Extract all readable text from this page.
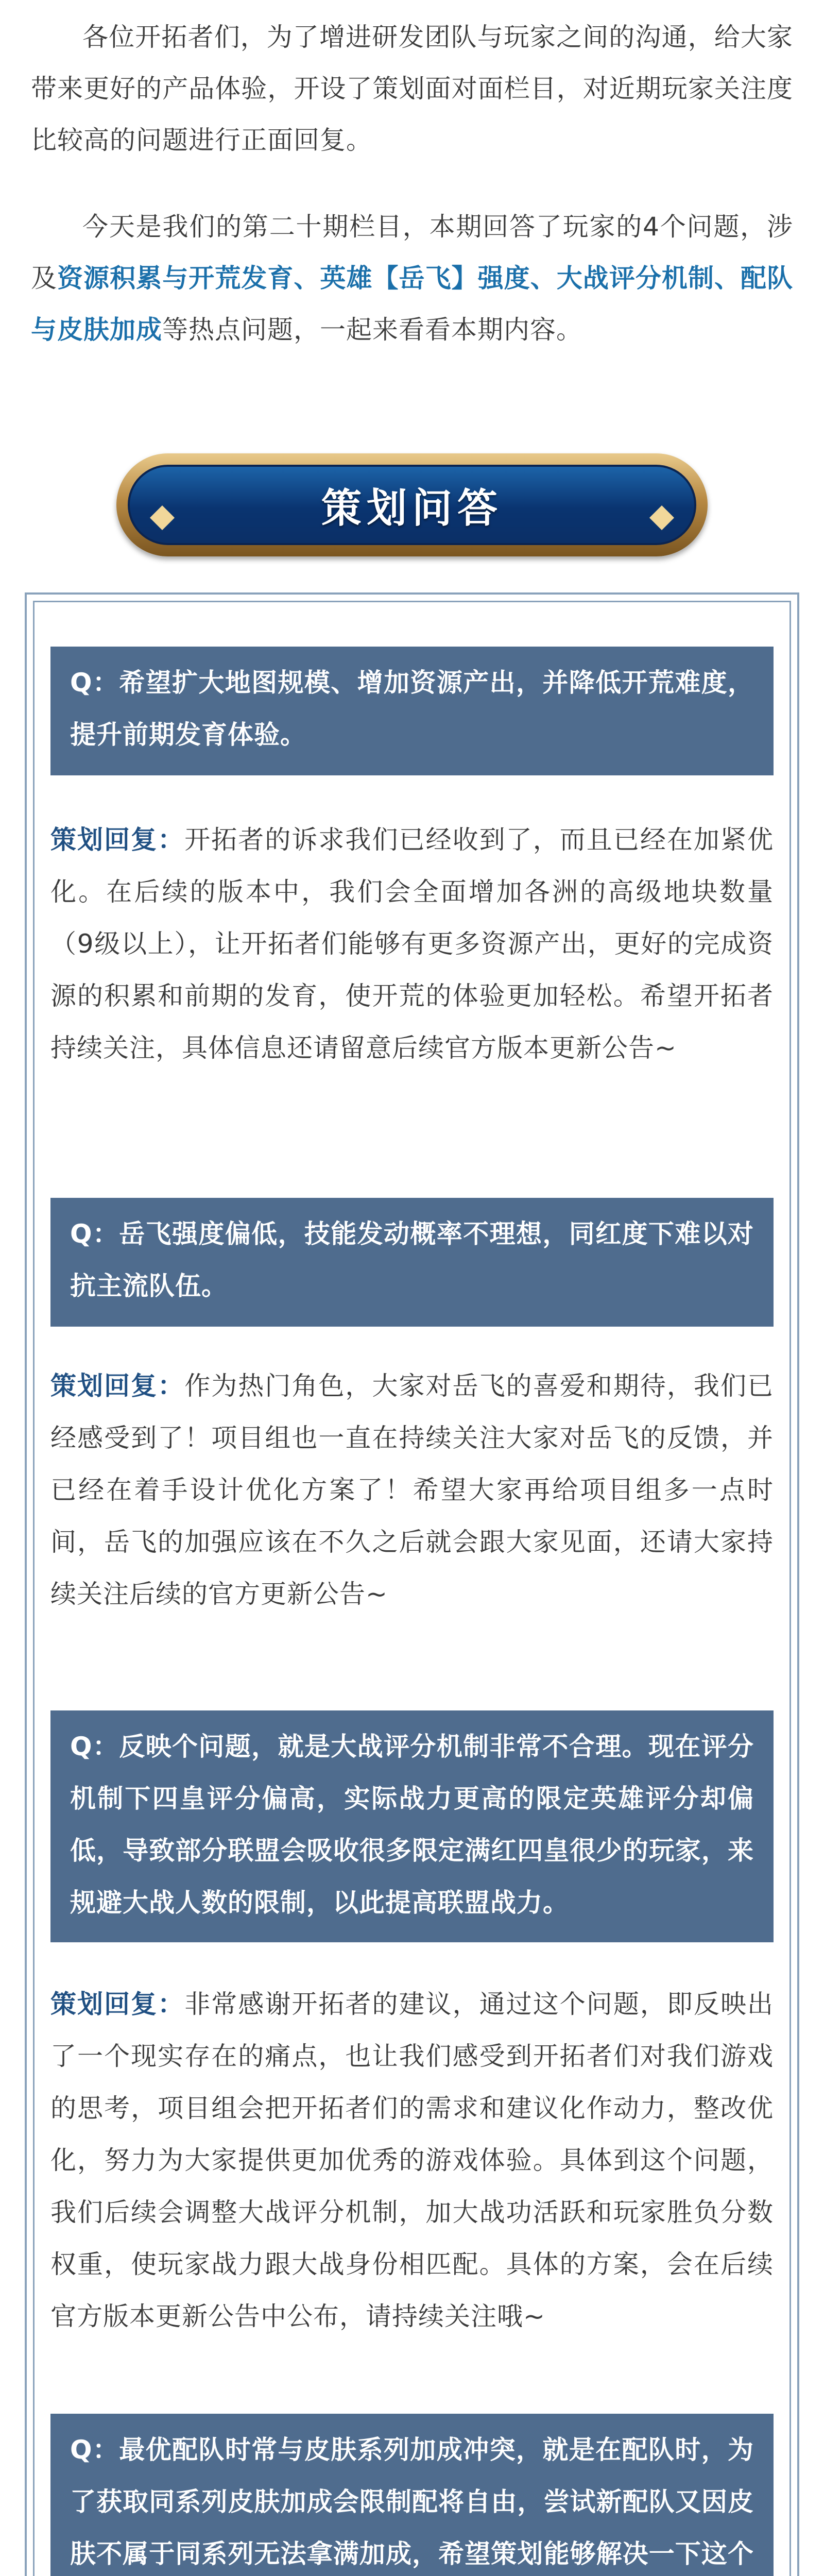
各位开拓者们，为了增进研发团队与玩家之间的沟通，给大家带来更好的产品体验，开设了策划面对面栏目，对近期玩家关注度比较高的问题进行正面回复。

今天是我们的第二十期栏目，本期回答了玩家的4个问题，涉及资源积累与开荒发育、英雄【岳飞】强度、大战评分机制、配队与皮肤加成等热点问题，一起来看看本期内容。

策划问答
Q：希望扩大地图规模、增加资源产出，并降低开荒难度，提升前期发育体验。
策划回复：开拓者的诉求我们已经收到了，而且已经在加紧优化。在后续的版本中，我们会全面增加各洲的高级地块数量（9级以上），让开拓者们能够有更多资源产出，更好的完成资源的积累和前期的发育，使开荒的体验更加轻松。希望开拓者持续关注，具体信息还请留意后续官方版本更新公告~
Q：岳飞强度偏低，技能发动概率不理想，同红度下难以对抗主流队伍。
策划回复：作为热门角色，大家对岳飞的喜爱和期待，我们已经感受到了！项目组也一直在持续关注大家对岳飞的反馈，并已经在着手设计优化方案了！希望大家再给项目组多一点时间，岳飞的加强应该在不久之后就会跟大家见面，还请大家持续关注后续的官方更新公告~
Q：反映个问题，就是大战评分机制非常不合理。现在评分机制下四皇评分偏高，实际战力更高的限定英雄评分却偏低，导致部分联盟会吸收很多限定满红四皇很少的玩家，来规避大战人数的限制，以此提高联盟战力。
策划回复：非常感谢开拓者的建议，通过这个问题，即反映出了一个现实存在的痛点，也让我们感受到开拓者们对我们游戏的思考，项目组会把开拓者们的需求和建议化作动力，整改优化，努力为大家提供更加优秀的游戏体验。具体到这个问题，我们后续会调整大战评分机制，加大战功活跃和玩家胜负分数权重，使玩家战力跟大战身份相匹配。具体的方案，会在后续官方版本更新公告中公布，请持续关注哦~
Q：最优配队时常与皮肤系列加成冲突，就是在配队时，为了获取同系列皮肤加成会限制配将自由，尝试新配队又因皮肤不属于同系列无法拿满加成，希望策划能够解决一下这个
